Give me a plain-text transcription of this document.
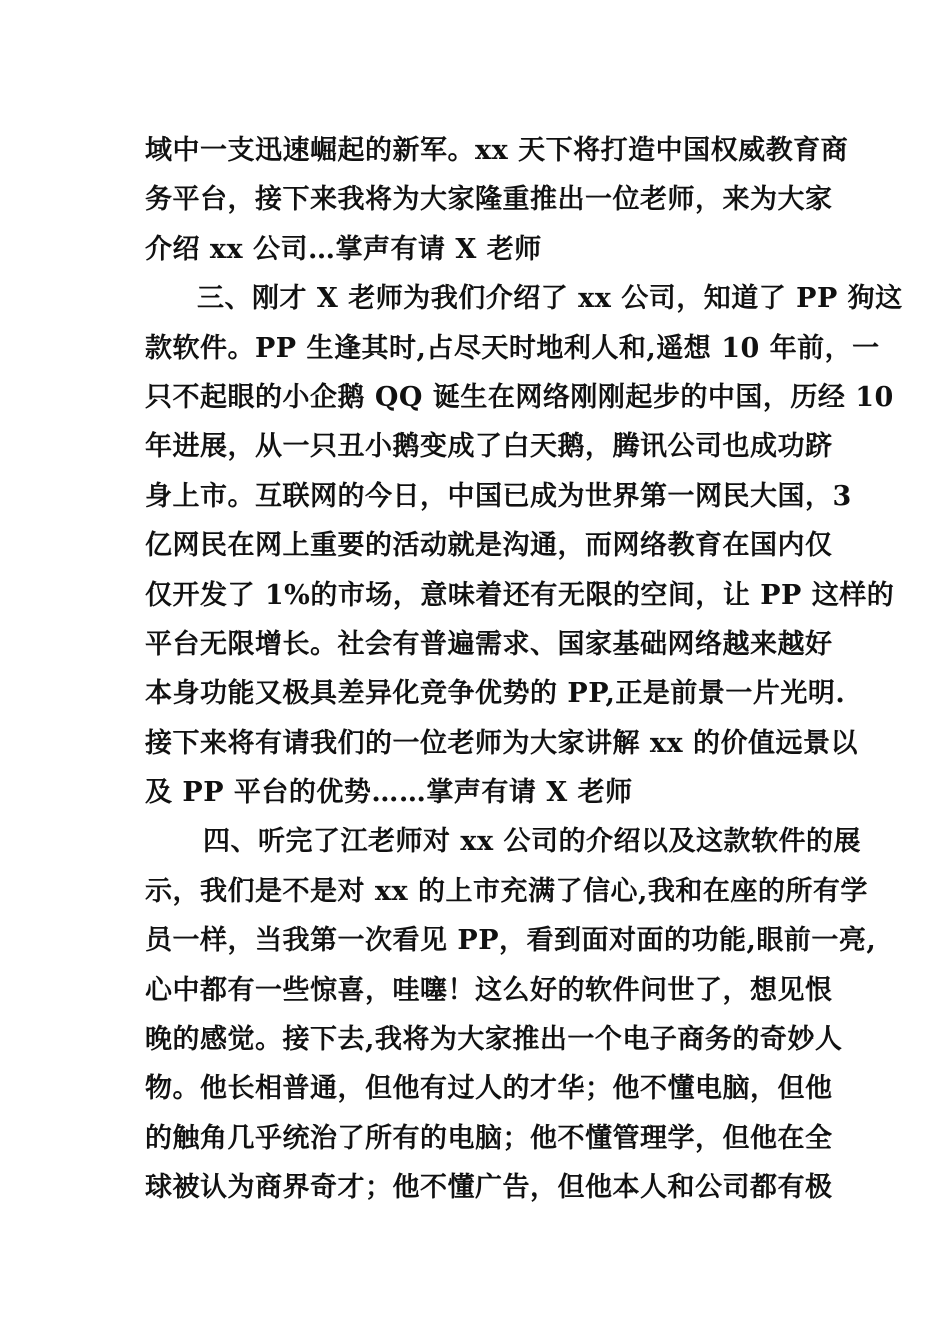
域中一支迅速崛起的新军。xx 天下将打造中国权威教育商
务平台，接下来我将为大家隆重推出一位老师，来为大家
介绍 xx 公司…掌声有请 X 老师
三、刚才 X 老师为我们介绍了 xx 公司，知道了 PP 狗这
款软件。PP 生逢其时,占尽天时地利人和,遥想 10 年前，一
只不起眼的小企鹅 QQ 诞生在网络刚刚起步的中国，历经 10
年进展，从一只丑小鹅变成了白天鹅，腾讯公司也成功跻
身上市。互联网的今日，中国已成为世界第一网民大国，3
亿网民在网上重要的活动就是沟通，而网络教育在国内仅
仅开发了 1%的市场，意味着还有无限的空间，让 PP 这样的
平台无限增长。社会有普遍需求、国家基础网络越来越好
本身功能又极具差异化竞争优势的 PP,正是前景一片光明.
接下来将有请我们的一位老师为大家讲解 xx 的价值远景以
及 PP 平台的优势……掌声有请 X 老师
四、听完了江老师对 xx 公司的介绍以及这款软件的展
示，我们是不是对 xx 的上市充满了信心,我和在座的所有学
员一样，当我第一次看见 PP，看到面对面的功能,眼前一亮,
心中都有一些惊喜，哇噻！这么好的软件问世了，想见恨
晚的感觉。接下去,我将为大家推出一个电子商务的奇妙人
物。他长相普通，但他有过人的才华；他不懂电脑，但他
的触角几乎统治了所有的电脑；他不懂管理学，但他在全
球被认为商界奇才；他不懂广告，但他本人和公司都有极
